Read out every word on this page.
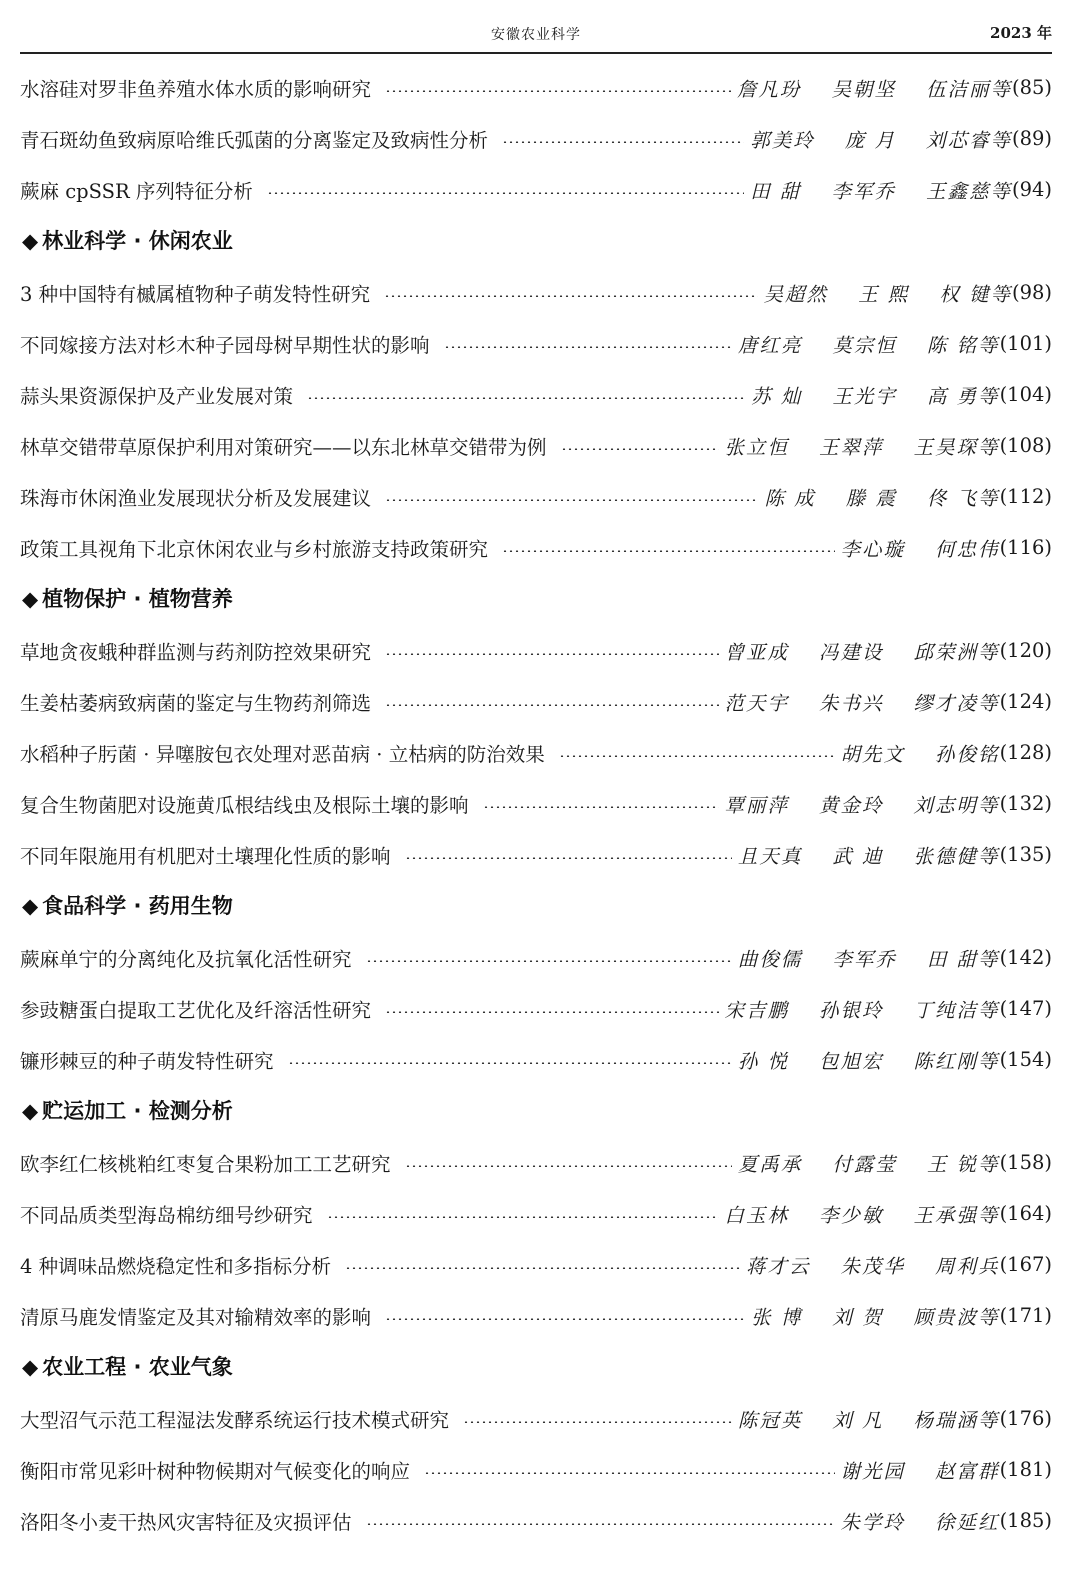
安徽农业科学	2023 年
水溶硅对罗非鱼养殖水体水质的影响研究	詹凡玢 吴朝坚 伍洁丽等 (85)
青石斑幼鱼致病原哈维氏弧菌的分离鉴定及致病性分析	郭美玲 庞 月 刘芯睿等 (89)
蕨麻 cpSSR 序列特征分析	田 甜 李军乔 王鑫慈等 (94)
◆ 林业科学 · 休闲农业
3 种中国特有槭属植物种子萌发特性研究	吴超然 王 熙 权 键等 (98)
不同嫁接方法对杉木种子园母树早期性状的影响	唐红亮 莫宗恒 陈 铭等 (101)
蒜头果资源保护及产业发展对策	苏 灿 王光宇 高 勇等 (104)
林草交错带草原保护利用对策研究——以东北林草交错带为例	张立恒 王翠萍 王昊琛等 (108)
珠海市休闲渔业发展现状分析及发展建议	陈 成 滕 震 佟 飞等 (112)
政策工具视角下北京休闲农业与乡村旅游支持政策研究	李心璇 何忠伟 (116)
◆ 植物保护 · 植物营养
草地贪夜蛾种群监测与药剂防控效果研究	曾亚成 冯建设 邱荣洲等 (120)
生姜枯萎病致病菌的鉴定与生物药剂筛选	范天宇 朱书兴 缪才凌等 (124)
水稻种子肟菌 · 异噻胺包衣处理对恶苗病 · 立枯病的防治效果	胡先文 孙俊铭 (128)
复合生物菌肥对设施黄瓜根结线虫及根际土壤的影响	覃丽萍 黄金玲 刘志明等 (132)
不同年限施用有机肥对土壤理化性质的影响	且天真 武 迪 张德健等 (135)
◆ 食品科学 · 药用生物
蕨麻单宁的分离纯化及抗氧化活性研究	曲俊儒 李军乔 田 甜等 (142)
参豉糖蛋白提取工艺优化及纤溶活性研究	宋吉鹏 孙银玲 丁纯洁等 (147)
镰形棘豆的种子萌发特性研究	孙 悦 包旭宏 陈红刚等 (154)
◆ 贮运加工 · 检测分析
欧李红仁核桃粕红枣复合果粉加工工艺研究	夏禹承 付露莹 王 锐等 (158)
不同品质类型海岛棉纺细号纱研究	白玉林 李少敏 王承强等 (164)
4 种调味品燃烧稳定性和多指标分析	蒋才云 朱茂华 周利兵 (167)
清原马鹿发情鉴定及其对输精效率的影响	张 博 刘 贺 顾贵波等 (171)
◆ 农业工程 · 农业气象
大型沼气示范工程湿法发酵系统运行技术模式研究	陈冠英 刘 凡 杨瑞涵等 (176)
衡阳市常见彩叶树种物候期对气候变化的响应	谢光园 赵富群 (181)
洛阳冬小麦干热风灾害特征及灾损评估	朱学玲 徐延红 (185)
